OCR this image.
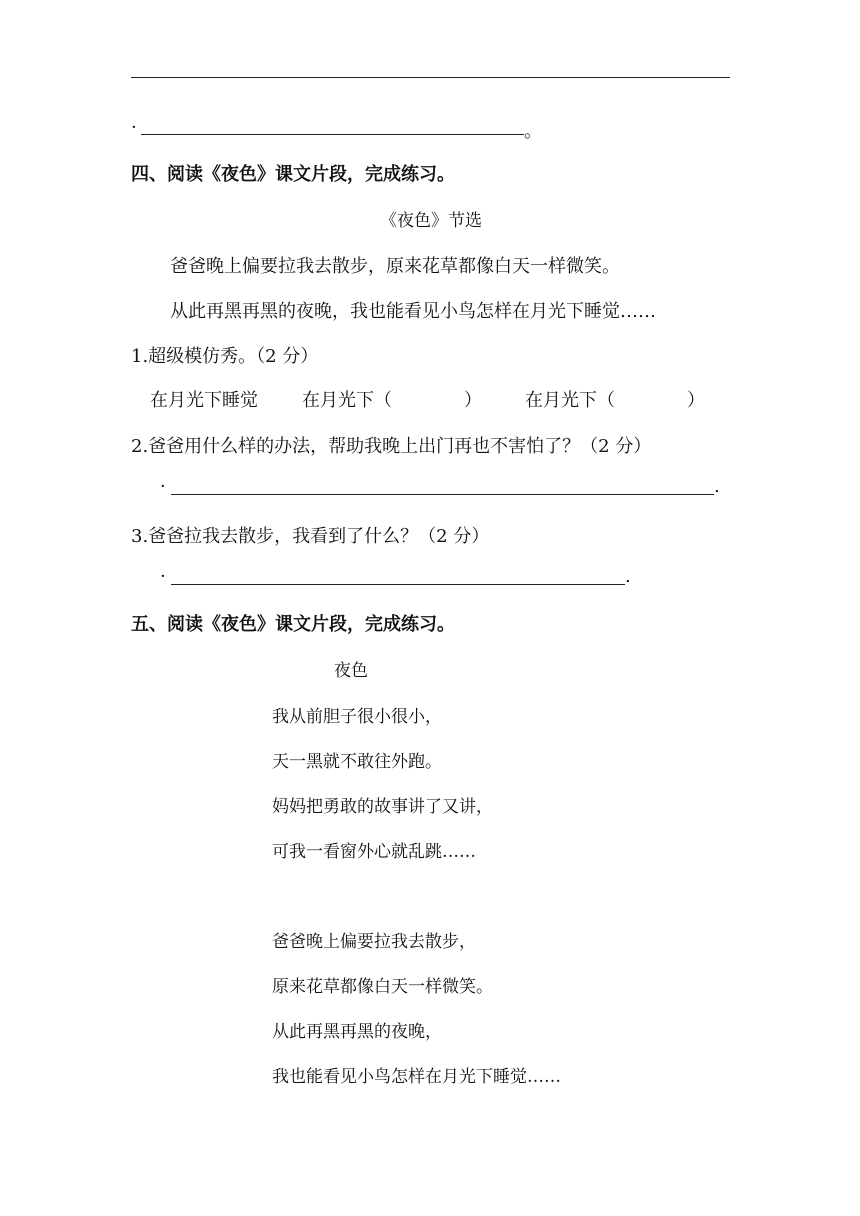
·	。
四、阅读《夜色》课文片段，完成练习。
《夜色》节选
爸爸晚上偏要拉我去散步，原来花草都像白天一样微笑。
从此再黑再黑的夜晚，我也能看见小鸟怎样在月光下睡觉……
1.超级模仿秀。（2 分）
在月光下睡觉 在月光下（　　　　） 在月光下（　　　　）
2.爸爸用什么样的办法，帮助我晚上出门再也不害怕了？（2 分）
·	.
3.爸爸拉我去散步，我看到了什么？（2 分）
·	.
五、阅读《夜色》课文片段，完成练习。
夜色
我从前胆子很小很小，
天一黑就不敢往外跑。
妈妈把勇敢的故事讲了又讲，
可我一看窗外心就乱跳……
爸爸晚上偏要拉我去散步，
原来花草都像白天一样微笑。
从此再黑再黑的夜晚，
我也能看见小鸟怎样在月光下睡觉……
